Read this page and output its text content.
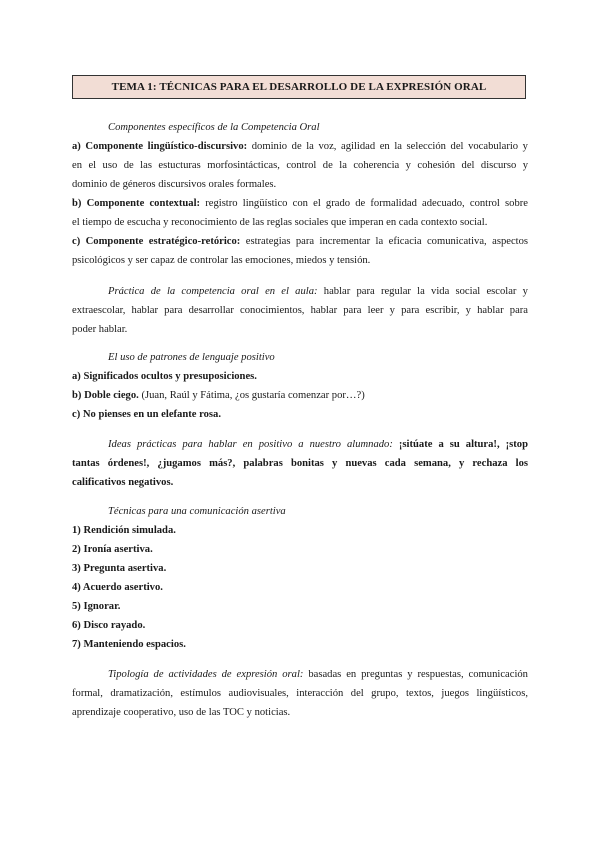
TEMA 1: TÉCNICAS PARA EL DESARROLLO DE LA EXPRESIÓN ORAL
Componentes específicos de la Competencia Oral
a) Componente lingüístico-discursivo: dominio de la voz, agilidad en la selección del vocabulario y
en el uso de las estucturas morfosintácticas, control de la coherencia y cohesión del discurso y
dominio de géneros discursivos orales formales.
b) Componente contextual: registro lingüístico con el grado de formalidad adecuado, control sobre
el tiempo de escucha y reconocimiento de las reglas sociales que imperan en cada contexto social.
c) Componente estratégico-retórico: estrategias para incrementar la eficacia comunicativa, aspectos
psicológicos y ser capaz de controlar las emociones, miedos y tensión.
Práctica de la competencia oral en el aula: hablar para regular la vida social escolar y
extraescolar, hablar para desarrollar conocimientos, hablar para leer y para escribir, y hablar para
poder hablar.
El uso de patrones de lenguaje positivo
a) Significados ocultos y presuposiciones.
b) Doble ciego. (Juan, Raúl y Fátima, ¿os gustaría comenzar por…?)
c) No pienses en un elefante rosa.
Ideas prácticas para hablar en positivo a nuestro alumnado: ¡sitúate a su altura!, ¡stop
tantas órdenes!, ¿jugamos más?, palabras bonitas y nuevas cada semana, y rechaza los
calificativos negativos.
Técnicas para una comunicación asertiva
1) Rendición simulada.
2) Ironía asertiva.
3) Pregunta asertiva.
4) Acuerdo asertivo.
5) Ignorar.
6) Disco rayado.
7) Manteniendo espacios.
Tipología de actividades de expresión oral: basadas en preguntas y respuestas, comunicación
formal, dramatización, estímulos audiovisuales, interacción del grupo, textos, juegos lingüísticos,
aprendizaje cooperativo, uso de las TOC y noticias.
